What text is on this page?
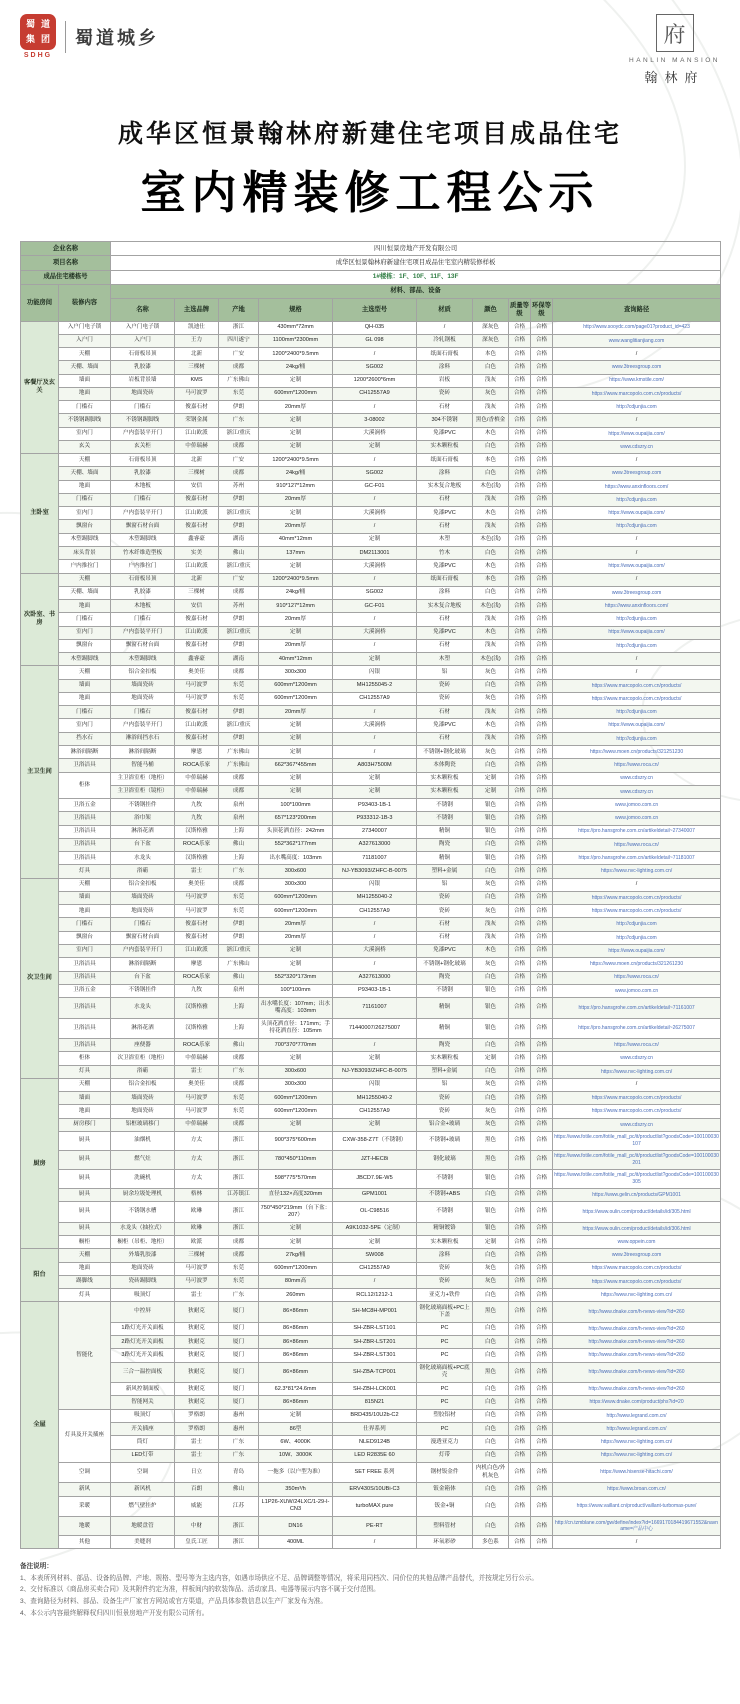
蜀 道
集 团
SDHG
蜀道城乡	府
HANLIN MANSION
翰林府
成华区恒景翰林府新建住宅项目成品住宅
室内精装修工程公示
企业名称		四川恒景房地产开发有限公司									
项目名称		成华区恒景翰林府新建住宅项目成品住宅室内精装修样板									
成品住宅楼栋号		1#楼栋：1F、10F、11F、13F									
功能房间	装修内容	材料、部品、设备									
		名称	主选品牌	产地	规格	主选型号	材质	颜色	质量等级	环保等级	查询路径
客餐厅及玄关	入户门电子锁	入户门电子锁	凯迪仕	浙江	430mm*72mm	QH-035	/	深灰色	合格	合格	http://www.sooydc.com/page01?product_id=423
	入户门	入户门	王力	四川遂宁	1100mm*2300mm	GL 098	冷轧钢板	深灰色	合格	合格	www.wanglitianjiang.com
	天棚	石膏板吊顶	北新	广安	1200*2400*9.5mm	/	纸面石膏板	本色	合格	合格	/
	天棚、墙面	乳胶漆	三棵树	成都	24kg/桶	SG002	涂料	白色	合格	合格	www.3treesgroup.com
	墙面	岩板背景墙	KMS	广东佛山	定制	1200*2600*6mm	岩板	浅灰	合格	合格	https://www.kmstile.com/
	地面	地面瓷砖	马可波罗	东莞	600mm*1200mm	CH12557A9	瓷砖	灰色	合格	合格	https://www.marcopolo.com.cn/products/
	门槛石	门槛石	俊嘉石材	伊朗	20mm厚	/	石材	浅灰	合格	合格	http://cdjunjia.com
	不锈钢踢脚线	不锈钢踢脚线	荣钢金属	广东	定制	3-08002	304不锈钢	黑色/香槟金	合格	合格	/
	室内门	户内套装平开门	江山欧派	浙江/重庆	定制	大溪涧桥	免漆PVC	木色	合格	合格	https://www.oupaijia.com/
	玄关	玄关柜	中侨瑞赫	成都	定制	定制	实木颗粒板	白色	合格	合格	www.cdszry.cn
主卧室	天棚	石膏板吊顶	北新	广安	1200*2400*9.5mm	/	纸面石膏板	本色	合格	合格	/
	天棚、墙面	乳胶漆	三棵树	成都	24kg/桶	SG002	涂料	白色	合格	合格	www.3treesgroup.com
	地面	木地板	安信	苏州	910*127*12mm	GC-F01	实木复合地板	木色(浅)	合格	合格	https://www.anxinfloors.com/
	门槛石	门槛石	俊嘉石材	伊朗	20mm厚	/	石材	浅灰	合格	合格	http://cdjunjia.com
	室内门	户内套装平开门	江山欧派	浙江/重庆	定制	大溪涧桥	免漆PVC	木色	合格	合格	https://www.oupaijia.com/
	飘窗台	飘窗石材台面	俊嘉石材	伊朗	20mm厚	/	石材	浅灰	合格	合格	http://cdjunjia.com
	木塑踢脚线	木塑踢脚线	鑫睿豪	湖南	40mm*12mm	定制	木塑	木色(浅)	合格	合格	/
	床头背景	竹木纤维造型板	实美	佛山	137mm	DM2113001	竹木	白色	合格	合格	/
	户内推拉门	户内推拉门	江山欧派	浙江/重庆	定制	大溪涧桥	免漆PVC	木色	合格	合格	https://www.oupaijia.com/
次卧室、书房	天棚	石膏板吊顶	北新	广安	1200*2400*9.5mm	/	纸面石膏板	本色	合格	合格	/
	天棚、墙面	乳胶漆	三棵树	成都	24kg/桶	SG002	涂料	白色	合格	合格	www.3treesgroup.com
	地面	木地板	安信	苏州	910*127*12mm	GC-F01	实木复合地板	木色(浅)	合格	合格	https://www.anxinfloors.com/
	门槛石	门槛石	俊嘉石材	伊朗	20mm厚	/	石材	浅灰	合格	合格	http://cdjunjia.com
	室内门	户内套装平开门	江山欧派	浙江/重庆	定制	大溪涧桥	免漆PVC	木色	合格	合格	https://www.oupaijia.com/
	飘窗台	飘窗石材台面	俊嘉石材	伊朗	20mm厚	/	石材	浅灰	合格	合格	http://cdjunjia.com
	木塑踢脚线	木塑踢脚线	鑫睿豪	湖南	40mm*12mm	定制	木塑	木色(浅)	合格	合格	/
主卫生间	天棚	铝合金扣板	奥美佳	成都	300x300	闪银	铝	灰色	合格	合格	/
	墙面	墙面瓷砖	马可波罗	东莞	600mm*1200mm	MH1255045-2	瓷砖	白色	合格	合格	https://www.marcopolo.com.cn/products/
	地面	地面瓷砖	马可波罗	东莞	600mm*1200mm	CH12557A9	瓷砖	灰色	合格	合格	https://www.marcopolo.com.cn/products/
	门槛石	门槛石	俊嘉石材	伊朗	20mm厚	/	石材	浅灰	合格	合格	http://cdjunjia.com
	室内门	户内套装平开门	江山欧派	浙江/重庆	定制	大溪涧桥	免漆PVC	木色	合格	合格	https://www.oupaijia.com/
	挡水石	淋浴间挡水石	俊嘉石材	伊朗	定制	/	石材	浅灰	合格	合格	http://cdjunjia.com
	淋浴间隔断	淋浴间隔断	摩恩	广东佛山	定制	/	不锈钢+钢化玻璃	灰色	合格	合格	https://www.moen.cn/products/321251230
	卫浴洁具	智能马桶	ROCA乐家	广东佛山	662*367*455mm	A803H7500M	本体陶瓷	白色	合格	合格	https://www.roca.cn/
	柜体	主卫浴室柜（地柜）	中侨瑞赫	成都	定制	定制	实木颗粒板	定制	合格	合格	www.cdszry.cn
		主卫浴室柜（镜柜）	中侨瑞赫	成都	定制	定制	实木颗粒板	定制	合格	合格	www.cdszry.cn
	卫浴五金	不锈钢挂件	九牧	泉州	100*100mm	P93403-1B-1	不锈钢	银色	合格	合格	www.jomoo.com.cn
	卫浴洁具	浴巾架	九牧	泉州	657*123*200mm	P933312-1B-3	不锈钢	银色	合格	合格	www.jomoo.com.cn
	卫浴洁具	淋浴花洒	汉斯格雅	上海	头顶花洒直径：242mm	27340007	精铜	银色	合格	合格	https://pro.hansgrohe.com.cn/artikeldetail~27340007
	卫浴洁具	台下盆	ROCA乐家	佛山	552*362*177mm	A327613000	陶瓷	白色	合格	合格	https://www.roca.cn/
	卫浴洁具	水龙头	汉斯格雅	上海	出水嘴高度：103mm	71181007	精铜	银色	合格	合格	https://pro.hansgrohe.com.cn/artikeldetail~71181007
	灯具	浴霸	雷士	广东	300x600	NJ-YB3093/ZHFC-B-0075	塑料+金属	白色	合格	合格	https://www.nvc-lighting.com.cn/
次卫生间	天棚	铝合金扣板	奥美佳	成都	300x300	闪银	铝	灰色	合格	合格	/
	墙面	墙面瓷砖	马可波罗	东莞	600mm*1200mm	MH1255040-2	瓷砖	白色	合格	合格	https://www.marcopolo.com.cn/products/
	地面	地面瓷砖	马可波罗	东莞	600mm*1200mm	CH12557A9	瓷砖	灰色	合格	合格	https://www.marcopolo.com.cn/products/
	门槛石	门槛石	俊嘉石材	伊朗	20mm厚	/	石材	浅灰	合格	合格	http://cdjunjia.com
	飘窗台	飘窗石材台面	俊嘉石材	伊朗	20mm厚	/	石材	浅灰	合格	合格	http://cdjunjia.com
	室内门	户内套装平开门	江山欧派	浙江/重庆	定制	大溪涧桥	免漆PVC	木色	合格	合格	https://www.oupaijia.com/
	卫浴洁具	淋浴间隔断	摩恩	广东佛山	定制	/	不锈钢+钢化玻璃	灰色	合格	合格	https://www.moen.cn/products/321261230
	卫浴洁具	台下盆	ROCA乐家	佛山	552*320*173mm	A327613000	陶瓷	白色	合格	合格	https://www.roca.cn/
	卫浴五金	不锈钢挂件	九牧	泉州	100*100mm	P93403-1B-1	不锈钢	银色	合格	合格	www.jomoo.com.cn
	卫浴洁具	水龙头	汉斯格雅	上海	出水嘴长度：107mm；出水嘴高度：103mm	71161007	精铜	银色	合格	合格	https://pro.hansgrohe.com.cn/artikeldetail~71161007
	卫浴洁具	淋浴花洒	汉斯格雅	上海	头顶花洒直径：171mm；手持花洒直径：105mm	71440007/26275007	精铜	银色	合格	合格	https://pro.hansgrohe.com.cn/artikeldetail~26275007
	卫浴洁具	座便器	ROCA乐家	佛山	700*370*770mm	/	陶瓷	白色	合格	合格	https://www.roca.cn/
	柜体	次卫浴室柜（地柜）	中侨瑞赫	成都	定制	定制	实木颗粒板	定制	合格	合格	www.cdszry.cn
	灯具	浴霸	雷士	广东	300x600	NJ-YB3093/ZHFC-B-0075	塑料+金属	白色	合格	合格	https://www.nvc-lighting.com.cn/
厨房	天棚	铝合金扣板	奥美佳	成都	300x300	闪银	铝	灰色	合格	合格	/
	墙面	墙面瓷砖	马可波罗	东莞	600mm*1200mm	MH1255040-2	瓷砖	白色	合格	合格	https://www.marcopolo.com.cn/products/
	地面	地面瓷砖	马可波罗	东莞	600mm*1200mm	CH12557A9	瓷砖	灰色	合格	合格	https://www.marcopolo.com.cn/products/
	厨房移门	铝框玻璃移门	中侨瑞赫	成都	定制	定制	铝合金+玻璃	灰色	合格	合格	www.cdszry.cn
	厨具	油烟机	方太	浙江	900*375*600mm	CXW-358-Z7T（不锈钢）	不锈钢+玻璃	黑色	合格	合格	https://www.fotile.com/fotile_mall_pc/it/productlist?goodsCode=100100030107
	厨具	燃气灶	方太	浙江	780*450*110mm	JZT-HEC8i	钢化玻璃	黑色	合格	合格	https://www.fotile.com/fotile_mall_pc/it/productlist?goodsCode=100100030201
	厨具	洗碗机	方太	浙江	598*775*570mm	JBCD7.9E-W5	不锈钢	银色	合格	合格	https://www.fotile.com/fotile_mall_pc/it/productlist?goodsCode=100100030305
	厨具	厨余垃圾处理机	格林	江苏镇江	直径132×高度320mm	GPM1001	不锈钢+ABS	白色	合格	合格	https://www.gelin.cn/products/GPM1001
	厨具	不锈钢水槽	欧琳	浙江	750*450*219mm（台下盆：207）	OL-C98516	不锈钢	银色	合格	合格	https://www.oulin.com/product/details/id/305.html
	厨具	水龙头（抽拉式）	欧琳	浙江	定制	A9K1032-5PE（定制）	精铜镀铬	银色	合格	合格	https://www.oulin.com/product/details/id/306.html
	橱柜	橱柜（吊柜、地柜）	欧派	成都	定制	定制	实木颗粒板	定制	合格	合格	www.oppein.com
阳台	天棚	外墙乳胶漆	三棵树	成都	27kg/桶	SW008	涂料	白色	合格	合格	www.3treesgroup.com
	地面	地面瓷砖	马可波罗	东莞	600mm*1200mm	CH12557A9	瓷砖	灰色	合格	合格	https://www.marcopolo.com.cn/products/
	踢脚线	瓷砖踢脚线	马可波罗	东莞	80mm高	/	瓷砖	灰色	合格	合格	https://www.marcopolo.com.cn/products/
	灯具	吸顶灯	雷士	广东	260mm	RCL12/1212-1	亚克力+铁件	白色	合格	合格	https://www.nvc-lighting.com.cn/
全屋	智能化	中控屏	狄耐克	厦门	86×86mm	SH-MC8H-MP001	钢化玻璃面板+PC上下盖	黑色	合格	合格	http://www.dnake.com/h-news-view?id=260
		1路灯光开关面板	狄耐克	厦门	86×86mm	SH-ZBR-LST101	PC	白色	合格	合格	http://www.dnake.com/h-news-view?id=260
		2路灯光开关面板	狄耐克	厦门	86×86mm	SH-ZBR-LST201	PC	白色	合格	合格	http://www.dnake.com/h-news-view?id=260
		3路灯光开关面板	狄耐克	厦门	86×86mm	SH-ZBR-LST301	PC	白色	合格	合格	http://www.dnake.com/h-news-view?id=260
		三合一温控面板	狄耐克	厦门	86×86mm	SH-ZBA-TCP001	钢化玻璃面板+PC底壳	黑色	合格	合格	http://www.dnake.com/h-news-view?id=260
		新风控制面板	狄耐克	厦门	62.3*81*24.6mm	SH-ZBH-LCK001	PC	白色	合格	合格	http://www.dnake.com/h-news-view?id=260
		智能网关	狄耐克	厦门	86×86mm	815N21	PC	白色	合格	合格	https://www.dnake.com/product/phs?id=20
	灯具及开关插座	吸顶灯	罗格朗	惠州	定制	BRD435/10U2b-C2	塑胶铝材	白色	合格	合格	http://www.legrand.com.cn/
		开关插座	罗格朗	惠州	86型	仕界系列	PC	白色	合格	合格	http://www.legrand.com.cn/
		筒灯	雷士	广东	6W、4000K	NLED9124B	漫透亚克力	白色	合格	合格	https://www.nvc-lighting.com.cn/
		LED灯带	雷士	广东	10W、3000K	LED R2835E 60	灯带	白色	合格	合格	https://www.nvc-lighting.com.cn/
	空调	空调	日立	青岛	一拖多（以户型为准）	SET FREE 系列	钢材钣金件	内机白色/外机灰色	合格	合格	https://www.hisense-hitachi.com/
	新风	新风机	百朗	佛山	350m³/h	ERV430S/10UBi-C3	钣金箱体	白色	合格	合格	https://www.broan.com.cn/
	采暖	燃气壁挂炉	威能	江苏	L1P26-XUW/24LXC/1-29-I-CN3	turboMAX pure	钣金+铜	白色	合格	合格	https://www.vaillant.cn/product/vaillant-turbomax-pure/
	地暖	地暖盘管	中财	浙江	DN16	PE-RT	塑料管材	白色	合格	合格	http://cn.tzmblane.com/gw/define/index?id=1669170184419671552&navname=产品中心
	其他	美缝剂	皇氏工匠	浙江	400ML	/	环氧彩砂	多色系	合格	合格	/
备注说明：
1、本表所列材料、部品、设备的品牌、产地、规格、型号等为主选内容，如遇市场供应不足、品牌调整等情况，将采用同档次、同价位的其他品牌产品替代，并按规定另行公示。
2、交付标准以《商品房买卖合同》及其附件约定为准，样板间内的软装饰品、活动家具、电器等展示内容不属于交付范围。
3、查询路径为材料、部品、设备生产厂家官方网站或官方渠道，产品具体参数信息以生产厂家发布为准。
4、本公示内容最终解释权归四川恒景房地产开发有限公司所有。
